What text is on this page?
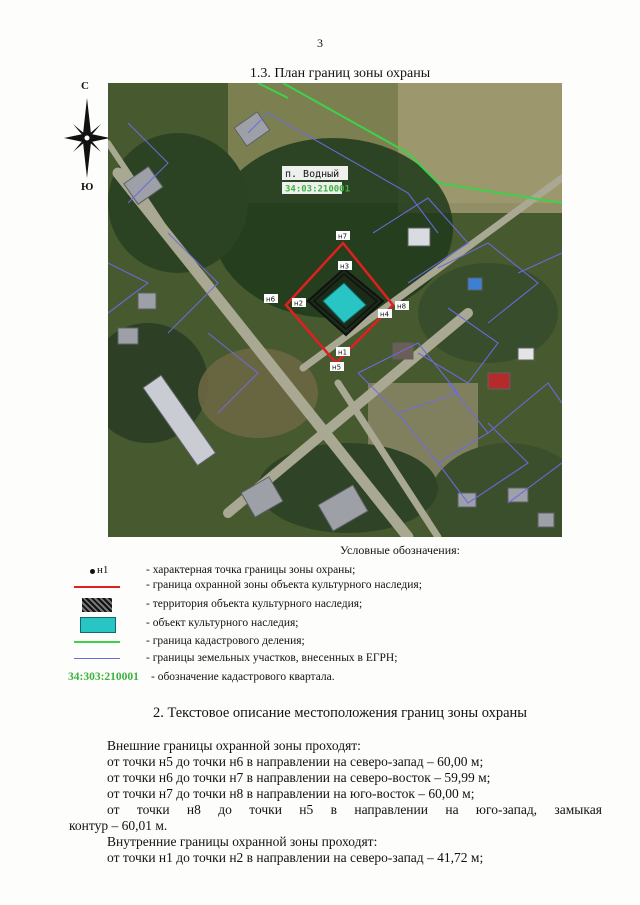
3
1.3. План границ зоны охраны
С
Ю
п. Водный
34:03:210001
н7
н3
н6	н2	н8
н4
н1
н5
Условные обозначения:
н1	- характерная точка границы зоны охраны;
- граница охранной зоны объекта культурного наследия;
- территория объекта культурного наследия;
- объект культурного наследия;
- граница кадастрового деления;
- границы земельных участков, внесенных в ЕГРН;
34:303:210001 - обозначение кадастрового квартала.
2. Текстовое описание местоположения границ зоны охраны
Внешние границы охранной зоны проходят:
от точки н5 до точки н6 в направлении на северо-запад – 60,00 м;
от точки н6 до точки н7 в направлении на северо-восток – 59,99 м;
от точки н7 до точки н8 в направлении на юго-восток – 60,00 м;
от точки н8 до точки н5 в направлении на юго-запад, замыкая
контур – 60,01 м.
Внутренние границы охранной зоны проходят:
от точки н1 до точки н2 в направлении на северо-запад – 41,72 м;
